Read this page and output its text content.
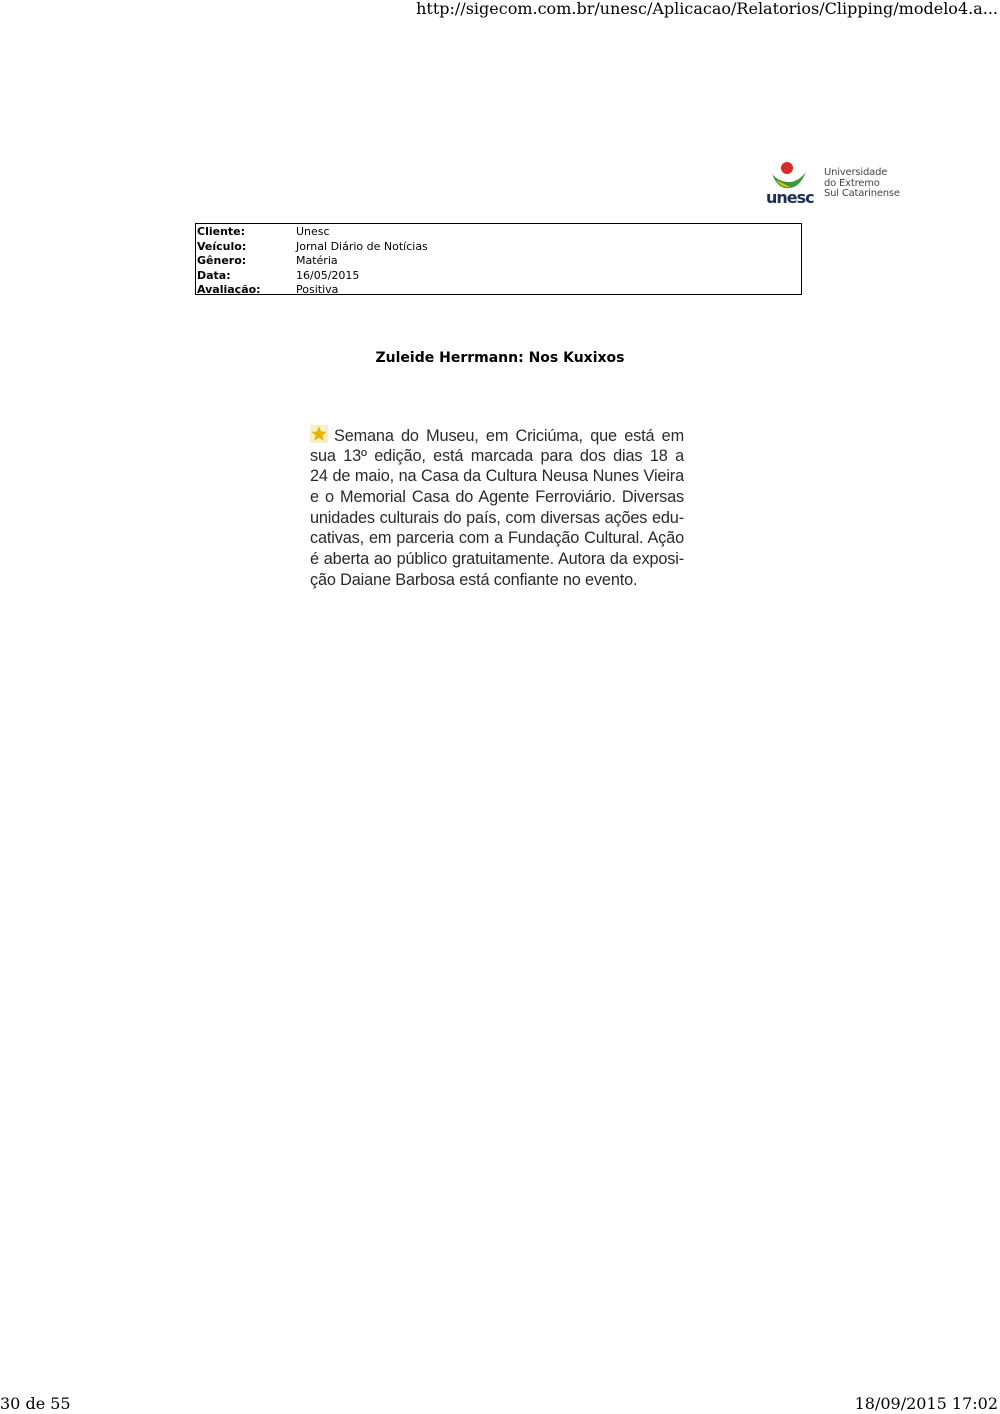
http://sigecom.com.br/unesc/Aplicacao/Relatorios/Clipping/modelo4.a...
unesc
Universidade
do Extremo
Sul Catarinense
Cliente:	Unesc
Veículo:	Jornal Diário de Notícias
Gênero:	Matéria
Data:	16/05/2015
Avaliação:	Positiva
Zuleide Herrmann: Nos Kuxixos
Semana do Museu, em Criciúma, que está em
sua 13º edição, está marcada para dos dias 18 a
24 de maio, na Casa da Cultura Neusa Nunes Vieira
e o Memorial Casa do Agente Ferroviário. Diversas
unidades culturais do país, com diversas ações edu-
cativas, em parceria com a Fundação Cultural. Ação
é aberta ao público gratuitamente. Autora da exposi-
ção Daiane Barbosa está confiante no evento.
30 de 55	18/09/2015 17:02
